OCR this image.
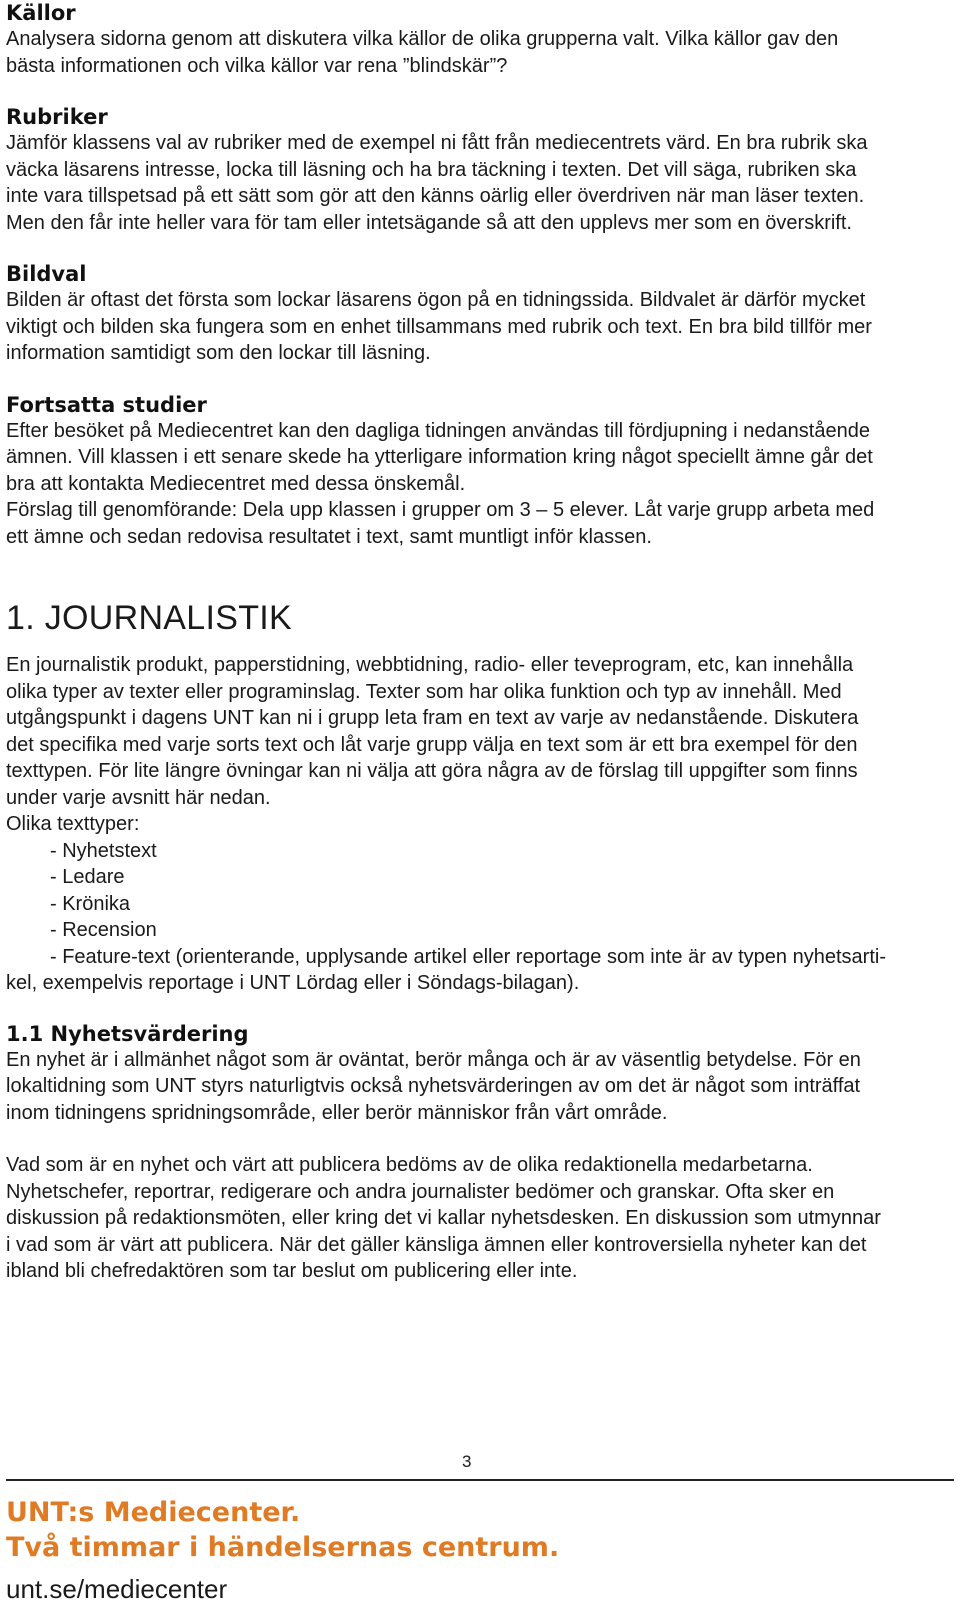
Källor

Analysera sidorna genom att diskutera vilka källor de olika grupperna valt. Vilka källor gav den

bästa informationen och vilka källor var rena ”blindskär”?

Rubriker

Jämför klassens val av rubriker med de exempel ni fått från mediecentrets värd. En bra rubrik ska

väcka läsarens intresse, locka till läsning och ha bra täckning i texten. Det vill säga, rubriken ska

inte vara tillspetsad på ett sätt som gör att den känns oärlig eller överdriven när man läser texten.

Men den får inte heller vara för tam eller intetsägande så att den upplevs mer som en överskrift.

Bildval

Bilden är oftast det första som lockar läsarens ögon på en tidningssida. Bildvalet är därför mycket

viktigt och bilden ska fungera som en enhet tillsammans med rubrik och text. En bra bild tillför mer

information samtidigt som den lockar till läsning.

Fortsatta studier

Efter besöket på Mediecentret kan den dagliga tidningen användas till fördjupning i nedanstående

ämnen. Vill klassen i ett senare skede ha ytterligare information kring något speciellt ämne går det

bra att kontakta Mediecentret med dessa önskemål.

Förslag till genomförande: Dela upp klassen i grupper om 3 – 5 elever. Låt varje grupp arbeta med

ett ämne och sedan redovisa resultatet i text, samt muntligt inför klassen.

1. JOURNALISTIK

En journalistik produkt, papperstidning, webbtidning, radio- eller teveprogram, etc, kan innehålla

olika typer av texter eller programinslag. Texter som har olika funktion och typ av innehåll. Med

utgångspunkt i dagens UNT kan ni i grupp leta fram en text av varje av nedanstående. Diskutera

det specifika med varje sorts text och låt varje grupp välja en text som är ett bra exempel för den

texttypen. För lite längre övningar kan ni välja att göra några av de förslag till uppgifter som finns

under varje avsnitt här nedan.

Olika texttyper:

- Nyhetstext
- Ledare
- Krönika
- Recension
- Feature-text (orienterande, upplysande artikel eller reportage som inte är av typen nyhetsarti-

kel, exempelvis reportage i UNT Lördag eller i Söndags-bilagan).

1.1 Nyhetsvärdering

En nyhet är i allmänhet något som är oväntat, berör många och är av väsentlig betydelse. För en

lokaltidning som UNT styrs naturligtvis också nyhetsvärderingen av om det är något som inträffat

inom tidningens spridningsområde, eller berör människor från vårt område.

Vad som är en nyhet och värt att publicera bedöms av de olika redaktionella medarbetarna.

Nyhetschefer, reportrar, redigerare och andra journalister bedömer och granskar. Ofta sker en

diskussion på redaktionsmöten, eller kring det vi kallar nyhetsdesken. En diskussion som utmynnar

i vad som är värt att publicera. När det gäller känsliga ämnen eller kontroversiella nyheter kan det

ibland bli chefredaktören som tar beslut om publicering eller inte.

3
UNT:s Mediecenter.
Två timmar i händelsernas centrum.
unt.se/mediecenter
